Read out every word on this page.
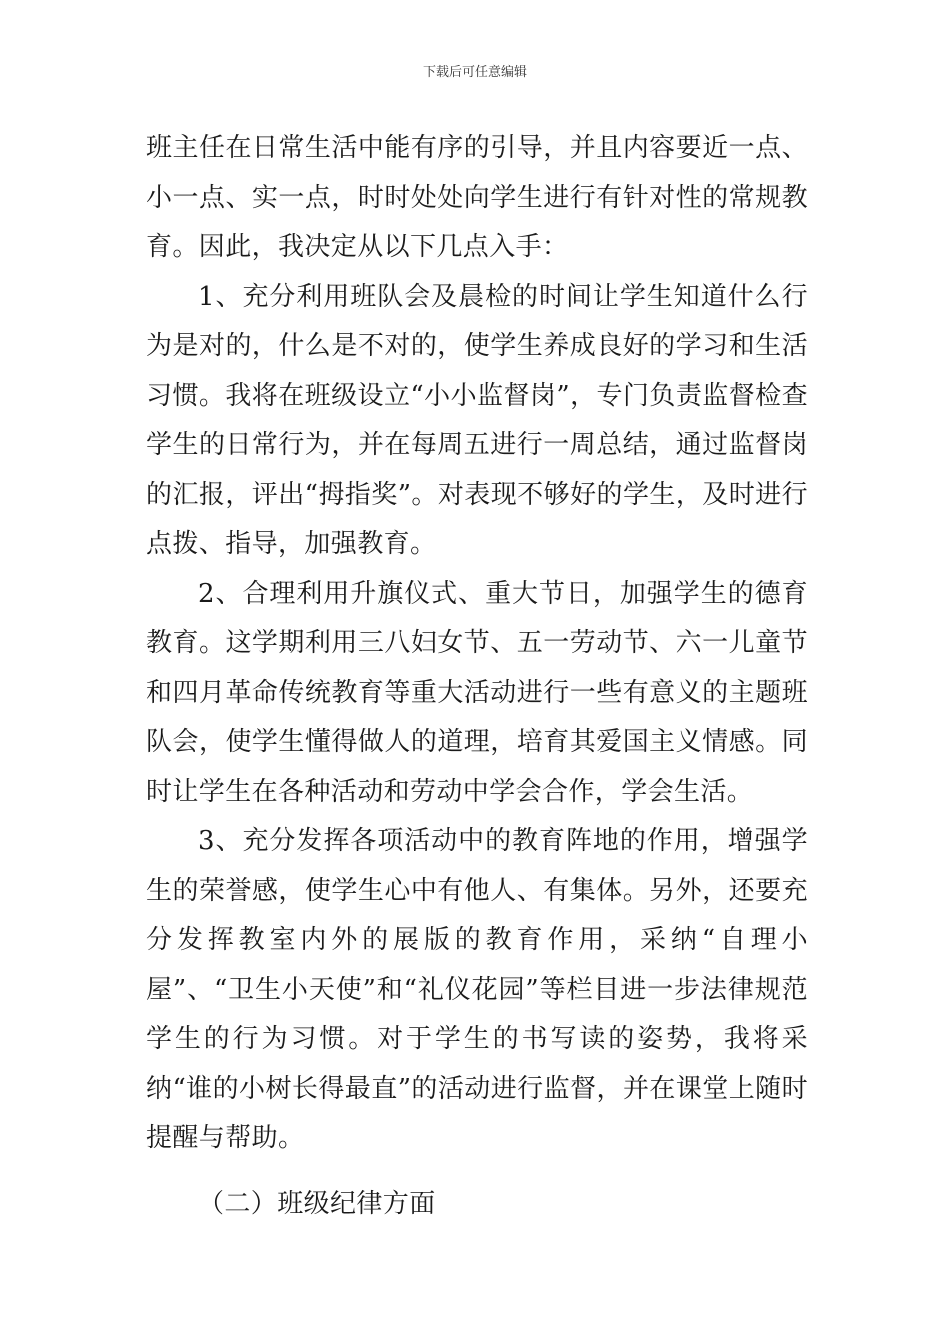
下载后可任意编辑

班主任在日常生活中能有序的引导，并且内容要近一点、小一点、实一点，时时处处向学生进行有针对性的常规教育。因此，我决定从以下几点入手：

1、充分利用班队会及晨检的时间让学生知道什么行为是对的，什么是不对的，使学生养成良好的学习和生活习惯。我将在班级设立“小小监督岗”，专门负责监督检查学生的日常行为，并在每周五进行一周总结，通过监督岗的汇报，评出“拇指奖”。对表现不够好的学生，及时进行点拨、指导，加强教育。

2、合理利用升旗仪式、重大节日，加强学生的德育教育。这学期利用三八妇女节、五一劳动节、六一儿童节和四月革命传统教育等重大活动进行一些有意义的主题班队会，使学生懂得做人的道理，培育其爱国主义情感。同时让学生在各种活动和劳动中学会合作，学会生活。

3、充分发挥各项活动中的教育阵地的作用，增强学生的荣誉感，使学生心中有他人、有集体。另外，还要充分发挥教室内外的展版的教育作用，采纳“自理小屋”、“卫生小天使”和“礼仪花园”等栏目进一步法律规范学生的行为习惯。对于学生的书写读的姿势，我将采纳“谁的小树长得最直”的活动进行监督，并在课堂上随时提醒与帮助。

（二）班级纪律方面
